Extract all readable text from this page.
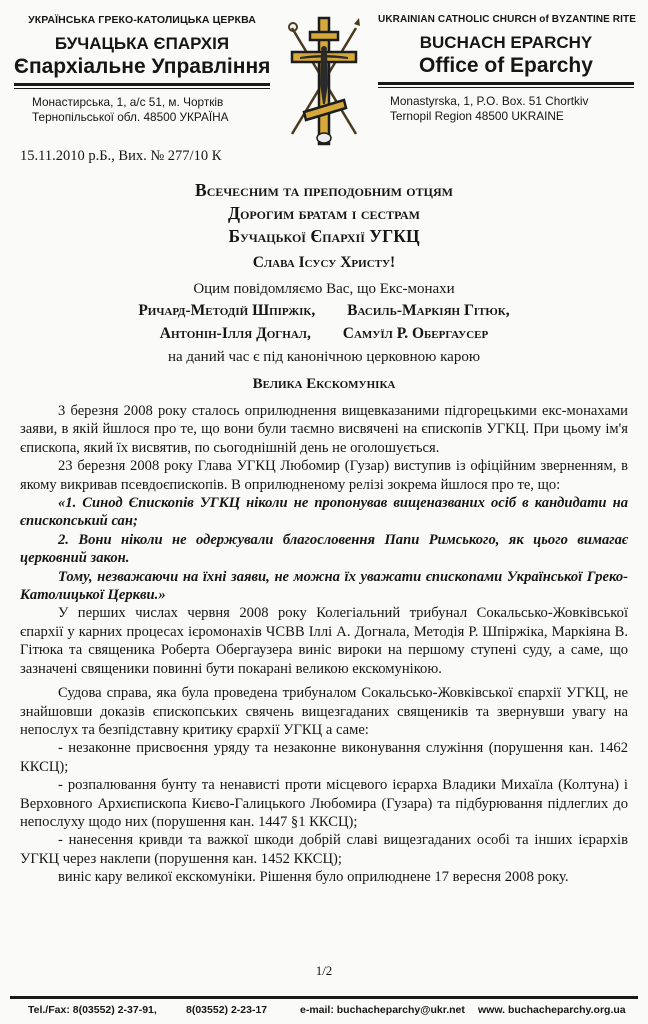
УКРАЇНСЬКА ГРЕКО-КАТОЛИЦЬКА ЦЕРКВА
БУЧАЦЬКА ЄПАРХІЯ
Єпархіальне Управління
Монастирська, 1, а/с 51, м. Чортків
Тернопільської обл. 48500 УКРАЇНА
UKRAINIAN CATHOLIC CHURCH of BYZANTINE RITE
BUCHACH EPARCHY
Office of Eparchy
Monastyrska, 1, P.O. Box. 51 Chortkiv
Ternopil Region 48500 UKRAINE
15.11.2010 р.Б., Вих. № 277/10 К
Всечесним та преподобним отцям
Дорогим братам і сестрам
Бучацької Єпархії УГКЦ
Слава Ісусу Христу!
Оцим повідомляємо Вас, що Екс-монахи
Ричард-Методій Шпіржік, Василь-Маркіян Гітюк,
Антонін-Ілля Догнал, Самуїл Р. Обергаусер
на даний час є під канонічною церковною карою
Велика Екскомуніка

3 березня 2008 року сталось оприлюднення вищевказаними підгорецькими екс-монахами заяви, в якій йшлося про те, що вони були таємно висвячені на єпископів УГКЦ. При цьому ім'я єпископа, який їх висвятив, по сьогоднішній день не оголошується.

23 березня 2008 року Глава УГКЦ Любомир (Гузар) виступив із офіційним зверненням, в якому викривав псевдоєпископів. В оприлюдненому релізі зокрема йшлося про те, що:

«1. Синод Єпископів УГКЦ ніколи не пропонував вищеназваних осіб в кандидати на єпископський сан;

2. Вони ніколи не одержували благословення Папи Римського, як цього вимагає церковний закон.

Тому, незважаючи на їхні заяви, не можна їх уважати єпископами Української Греко-Католицької Церкви.»

У перших числах червня 2008 року Колегіальний трибунал Сокальсько-Жовківської єпархії у карних процесах ієромонахів ЧСВВ Іллі А. Догнала, Методія Р. Шпіржіка, Маркіяна В. Гітюка та священика Роберта Обергаузера виніс вироки на першому ступені суду, а саме, що зазначені священики повинні бути покарані великою екскомунікою.

Судова справа, яка була проведена трибуналом Сокальсько-Жовківської єпархії УГКЦ, не знайшовши доказів єпископських свячень вищезгаданих священиків та звернувши увагу на непослух та безпідставну критику єрархії УГКЦ а саме:

- незаконне присвоєння уряду та незаконне виконування служіння (порушення кан. 1462 ККСЦ);

- розпалювання бунту та ненависті проти місцевого ієрарха Владики Михаїла (Колтуна) і Верховного Архиєпископа Києво-Галицького Любомира (Гузара) та підбурювання підлеглих до непослуху щодо них (порушення кан. 1447 §1 ККСЦ);

- нанесення кривди та важкої шкоди добрій славі вищезгаданих особі та інших ієрархів УГКЦ через наклепи (порушення кан. 1452 ККСЦ);

виніс кару великої екскомуніки. Рішення було оприлюднене 17 вересня 2008 року.

1/2
Tel./Fax: 8(03552) 2-37-91,	8(03552) 2-23-17	e-mail: buchacheparchy@ukr.net www. buchacheparchy.org.ua
